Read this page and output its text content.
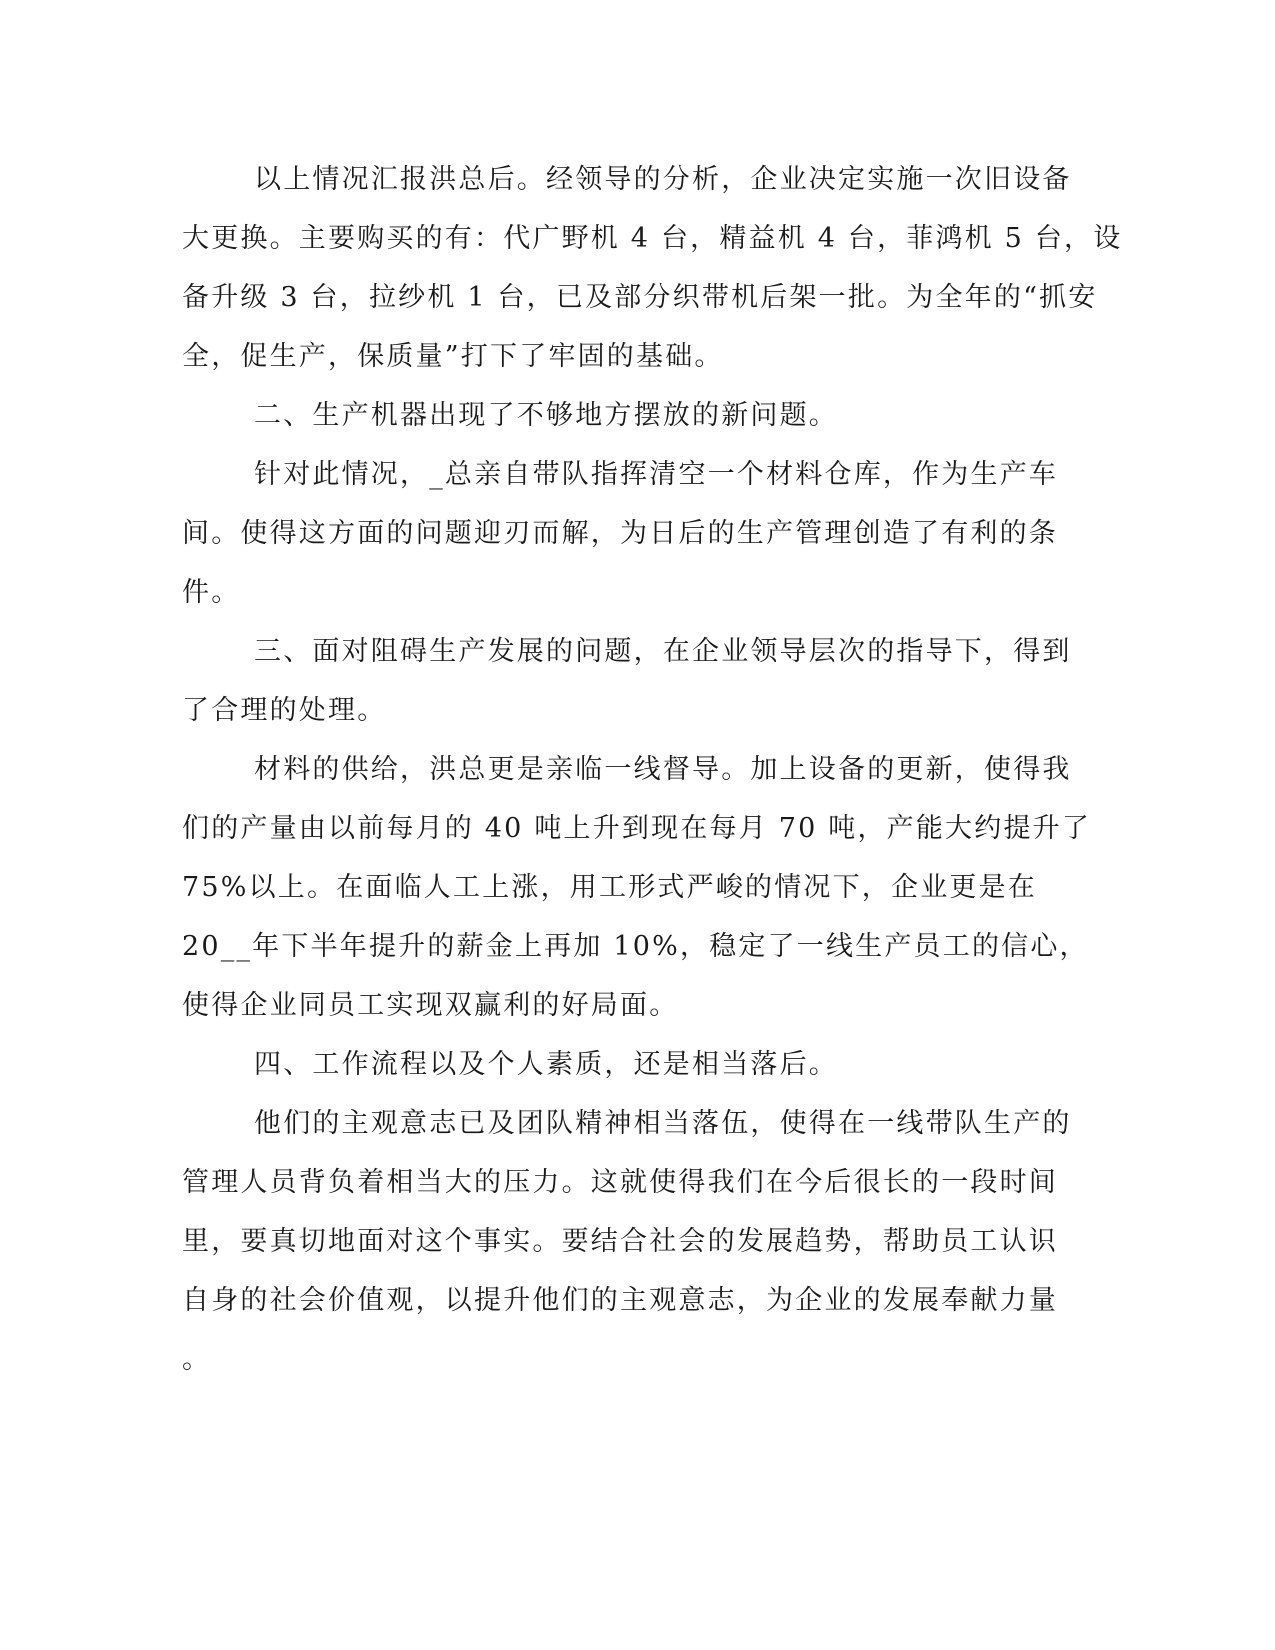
以上情况汇报洪总后。经领导的分析，企业决定实施一次旧设备
大更换。主要购买的有：代广野机 4 台，精益机 4 台，菲鸿机 5 台，设
备升级 3 台，拉纱机 1 台，已及部分织带机后架一批。为全年的“抓安
全，促生产，保质量”打下了牢固的基础。
二、生产机器出现了不够地方摆放的新问题。
针对此情况，_总亲自带队指挥清空一个材料仓库，作为生产车
间。使得这方面的问题迎刃而解，为日后的生产管理创造了有利的条
件。
三、面对阻碍生产发展的问题，在企业领导层次的指导下，得到
了合理的处理。
材料的供给，洪总更是亲临一线督导。加上设备的更新，使得我
们的产量由以前每月的 40 吨上升到现在每月 70 吨，产能大约提升了
75%以上。在面临人工上涨，用工形式严峻的情况下，企业更是在
20__年下半年提升的薪金上再加 10%，稳定了一线生产员工的信心，
使得企业同员工实现双赢利的好局面。
四、工作流程以及个人素质，还是相当落后。
他们的主观意志已及团队精神相当落伍，使得在一线带队生产的
管理人员背负着相当大的压力。这就使得我们在今后很长的一段时间
里，要真切地面对这个事实。要结合社会的发展趋势，帮助员工认识
自身的社会价值观，以提升他们的主观意志，为企业的发展奉献力量
。
